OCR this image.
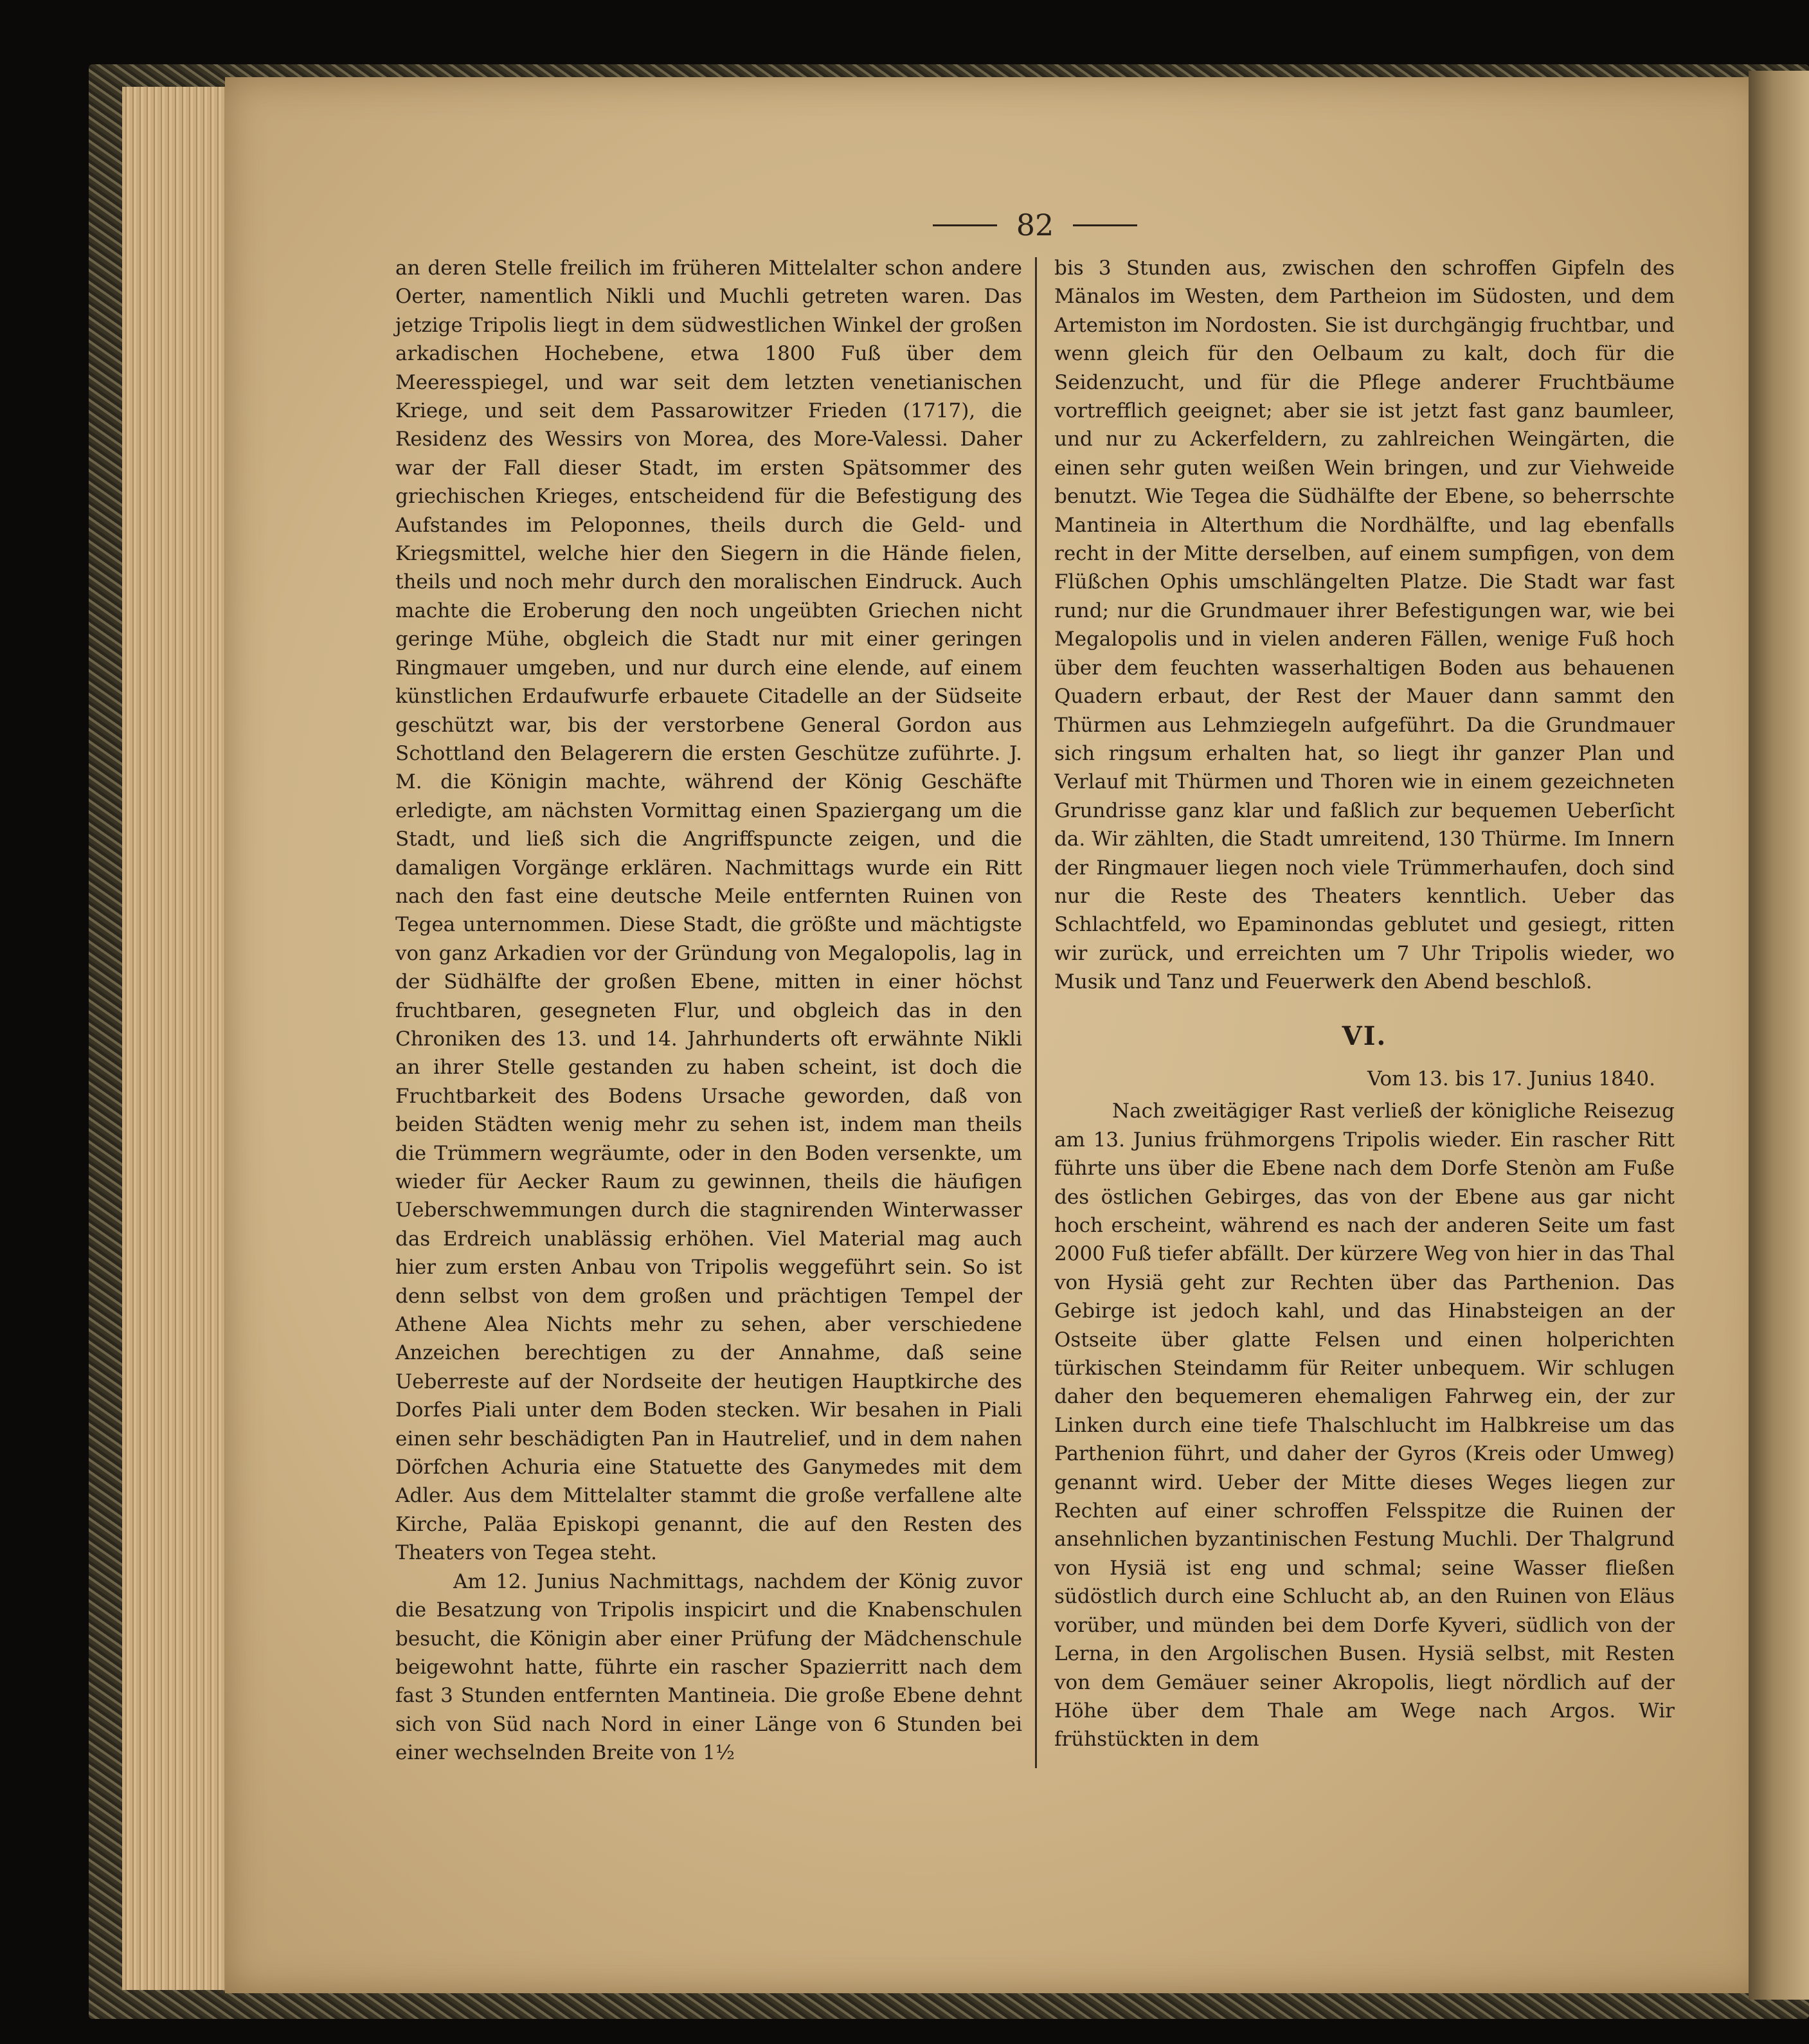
82

an deren Stelle freilich im früheren Mittelalter schon andere Oerter, namentlich Nikli und Muchli getreten waren. Das jetzige Tripolis liegt in dem südwestlichen Winkel der großen arkadischen Hochebene, etwa 1800 Fuß über dem Meeresspiegel, und war seit dem letzten venetianischen Kriege, und seit dem Passarowitzer Frieden (1717), die Residenz des Wessirs von Morea, des More-Valessi. Daher war der Fall dieser Stadt, im ersten Spätsommer des griechischen Krieges, entscheidend für die Befestigung des Aufstandes im Peloponnes, theils durch die Geld- und Kriegsmittel, welche hier den Siegern in die Hände fielen, theils und noch mehr durch den moralischen Eindruck. Auch machte die Eroberung den noch ungeübten Griechen nicht geringe Mühe, obgleich die Stadt nur mit einer geringen Ringmauer umgeben, und nur durch eine elende, auf einem künstlichen Erdaufwurfe erbauete Citadelle an der Südseite geschützt war, bis der verstorbene General Gordon aus Schottland den Belagerern die ersten Geschütze zuführte. J. M. die Königin machte, während der König Geschäfte erledigte, am nächsten Vormittag einen Spaziergang um die Stadt, und ließ sich die Angriffspuncte zeigen, und die damaligen Vorgänge erklären. Nachmittags wurde ein Ritt nach den fast eine deutsche Meile entfernten Ruinen von Tegea unternommen. Diese Stadt, die größte und mächtigste von ganz Arkadien vor der Gründung von Megalopolis, lag in der Südhälfte der großen Ebene, mitten in einer höchst fruchtbaren, gesegneten Flur, und obgleich das in den Chroniken des 13. und 14. Jahrhunderts oft erwähnte Nikli an ihrer Stelle gestanden zu haben scheint, ist doch die Fruchtbarkeit des Bodens Ursache geworden, daß von beiden Städten wenig mehr zu sehen ist, indem man theils die Trümmern wegräumte, oder in den Boden versenkte, um wieder für Aecker Raum zu gewinnen, theils die häufigen Ueberschwemmungen durch die stagnirenden Winterwasser das Erdreich unablässig erhöhen. Viel Material mag auch hier zum ersten Anbau von Tripolis weggeführt sein. So ist denn selbst von dem großen und prächtigen Tempel der Athene Alea Nichts mehr zu sehen, aber verschiedene Anzeichen berechtigen zu der Annahme, daß seine Ueberreste auf der Nordseite der heutigen Hauptkirche des Dorfes Piali unter dem Boden stecken. Wir besahen in Piali einen sehr beschädigten Pan in Hautrelief, und in dem nahen Dörfchen Achuria eine Statuette des Ganymedes mit dem Adler. Aus dem Mittelalter stammt die große verfallene alte Kirche, Paläa Episkopi genannt, die auf den Resten des Theaters von Tegea steht.

Am 12. Junius Nachmittags, nachdem der König zuvor die Besatzung von Tripolis inspicirt und die Knabenschulen besucht, die Königin aber einer Prüfung der Mädchenschule beigewohnt hatte, führte ein rascher Spazierritt nach dem fast 3 Stunden entfernten Mantineia. Die große Ebene dehnt sich von Süd nach Nord in einer Länge von 6 Stunden bei einer wechselnden Breite von 1½

bis 3 Stunden aus, zwischen den schroffen Gipfeln des Mänalos im Westen, dem Partheion im Südosten, und dem Artemiston im Nordosten. Sie ist durchgängig fruchtbar, und wenn gleich für den Oelbaum zu kalt, doch für die Seidenzucht, und für die Pflege anderer Fruchtbäume vortrefflich geeignet; aber sie ist jetzt fast ganz baumleer, und nur zu Ackerfeldern, zu zahlreichen Weingärten, die einen sehr guten weißen Wein bringen, und zur Viehweide benutzt. Wie Tegea die Südhälfte der Ebene, so beherrschte Mantineia in Alterthum die Nordhälfte, und lag ebenfalls recht in der Mitte derselben, auf einem sumpfigen, von dem Flüßchen Ophis umschlängelten Platze. Die Stadt war fast rund; nur die Grundmauer ihrer Befestigungen war, wie bei Megalopolis und in vielen anderen Fällen, wenige Fuß hoch über dem feuchten wasserhaltigen Boden aus behauenen Quadern erbaut, der Rest der Mauer dann sammt den Thürmen aus Lehmziegeln aufgeführt. Da die Grundmauer sich ringsum erhalten hat, so liegt ihr ganzer Plan und Verlauf mit Thürmen und Thoren wie in einem gezeichneten Grundrisse ganz klar und faßlich zur bequemen Ueberſicht da. Wir zählten, die Stadt umreitend, 130 Thürme. Im Innern der Ringmauer liegen noch viele Trümmerhaufen, doch sind nur die Reste des Theaters kenntlich. Ueber das Schlachtfeld, wo Epaminondas geblutet und gesiegt, ritten wir zurück, und erreichten um 7 Uhr Tripolis wieder, wo Musik und Tanz und Feuerwerk den Abend beschloß.

VI.
Vom 13. bis 17. Junius 1840.

Nach zweitägiger Rast verließ der königliche Reisezug am 13. Junius frühmorgens Tripolis wieder. Ein rascher Ritt führte uns über die Ebene nach dem Dorfe Stenòn am Fuße des östlichen Gebirges, das von der Ebene aus gar nicht hoch erscheint, während es nach der anderen Seite um fast 2000 Fuß tiefer abfällt. Der kürzere Weg von hier in das Thal von Hysiä geht zur Rechten über das Parthenion. Das Gebirge ist jedoch kahl, und das Hinabsteigen an der Ostseite über glatte Felsen und einen holperichten türkischen Steindamm für Reiter unbequem. Wir schlugen daher den bequemeren ehemaligen Fahrweg ein, der zur Linken durch eine tiefe Thalschlucht im Halbkreise um das Parthenion führt, und daher der Gyros (Kreis oder Umweg) genannt wird. Ueber der Mitte dieses Weges liegen zur Rechten auf einer schroffen Felsspitze die Ruinen der ansehnlichen byzantinischen Festung Muchli. Der Thalgrund von Hysiä ist eng und schmal; seine Wasser fließen südöstlich durch eine Schlucht ab, an den Ruinen von Eläus vorüber, und münden bei dem Dorfe Kyveri, südlich von der Lerna, in den Argolischen Busen. Hysiä selbst, mit Resten von dem Gemäuer seiner Akropolis, liegt nördlich auf der Höhe über dem Thale am Wege nach Argos. Wir frühstückten in dem
